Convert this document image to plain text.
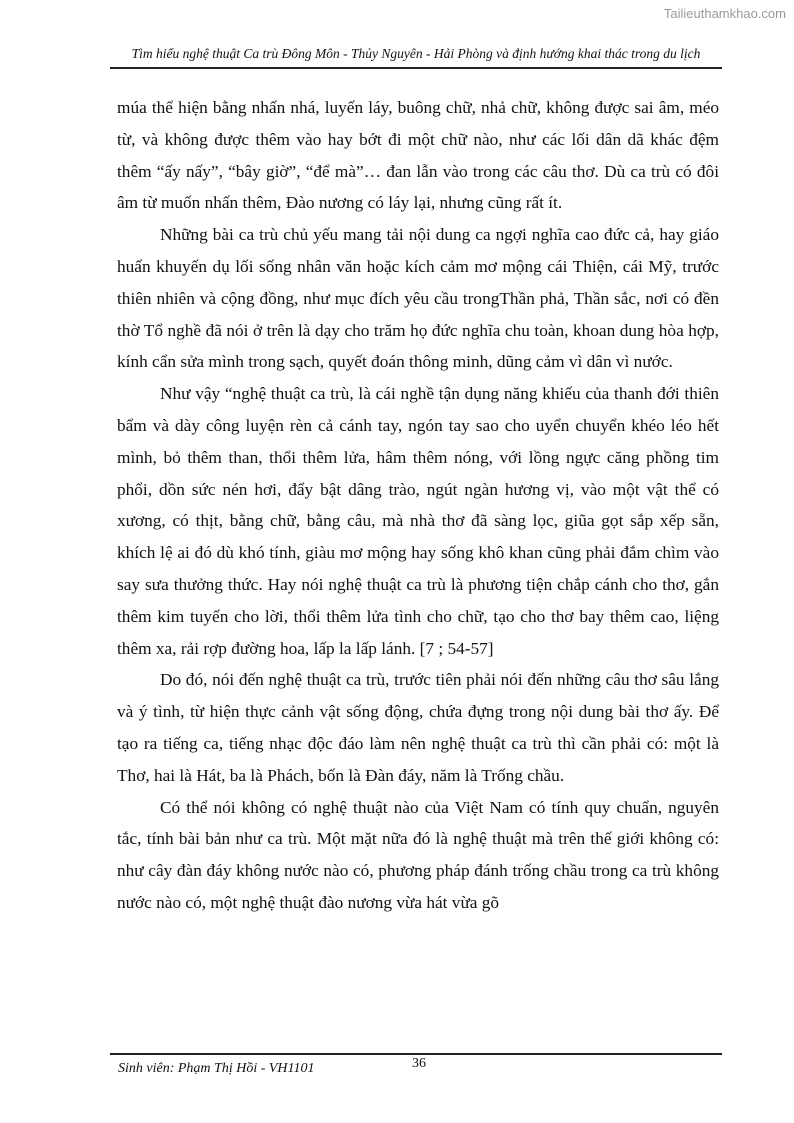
Tailieuthamkhao.com
Tìm hiểu nghệ thuật Ca trù Đông Môn - Thủy Nguyên - Hải Phòng và định hướng khai thác trong du lịch

múa thể hiện bằng nhấn nhá, luyến láy, buông chữ, nhả chữ, không được sai âm, méo từ, và không được thêm vào hay bớt đi một chữ nào, như các lối dân dã khác đệm thêm “ấy nấy”, “bây giờ”, “để mà”… đan lẫn vào trong các câu thơ. Dù ca trù có đôi âm từ muốn nhấn thêm, Đào nương có láy lại, nhưng cũng rất ít.

Những bài ca trù chủ yếu mang tải nội dung ca ngợi nghĩa cao đức cả, hay giáo huấn khuyến dụ lối sống nhân văn hoặc kích cảm mơ mộng cái Thiện, cái Mỹ, trước thiên nhiên và cộng đồng, như mục đích yêu cầu trongThần phả, Thần sắc, nơi có đền thờ Tổ nghề đã nói ở trên là dạy cho trăm họ đức nghĩa chu toàn, khoan dung hòa hợp, kính cẩn sửa mình trong sạch, quyết đoán thông minh, dũng cảm vì dân vì nước.

Như vậy “nghệ thuật ca trù, là cái nghề tận dụng năng khiếu của thanh đới thiên bẩm và dày công luyện rèn cả cánh tay, ngón tay sao cho uyển chuyển khéo léo hết mình, bỏ thêm than, thổi thêm lửa, hâm thêm nóng, với lồng ngực căng phồng tim phổi, dồn sức nén hơi, đẩy bật dâng trào, ngút ngàn hương vị, vào một vật thể có xương, có thịt, bằng chữ, bằng câu, mà nhà thơ đã sàng lọc, giũa gọt sắp xếp sẵn, khích lệ ai đó dù khó tính, giàu mơ mộng hay sống khô khan cũng phải đắm chìm vào say sưa thưởng thức. Hay nói nghệ thuật ca trù là phương tiện chắp cánh cho thơ, gắn thêm kim tuyến cho lời, thổi thêm lửa tình cho chữ, tạo cho thơ bay thêm cao, liệng thêm xa, rải rợp đường hoa, lấp la lấp lánh. [7 ; 54-57]

Do đó, nói đến nghệ thuật ca trù, trước tiên phải nói đến những câu thơ sâu lắng và ý tình, từ hiện thực cảnh vật sống động, chứa đựng trong nội dung bài thơ ấy. Để tạo ra tiếng ca, tiếng nhạc độc đáo làm nên nghệ thuật ca trù thì cần phải có: một là Thơ, hai là Hát, ba là Phách, bốn là Đàn đáy, năm là Trống chầu.

Có thể nói không có nghệ thuật nào của Việt Nam có tính quy chuẩn, nguyên tắc, tính bài bản như ca trù. Một mặt nữa đó là nghệ thuật mà trên thế giới không có: như cây đàn đáy không nước nào có, phương pháp đánh trống chầu trong ca trù không nước nào có, một nghệ thuật đào nương vừa hát vừa gõ

Sinh viên: Phạm Thị Hồi - VH1101	36
